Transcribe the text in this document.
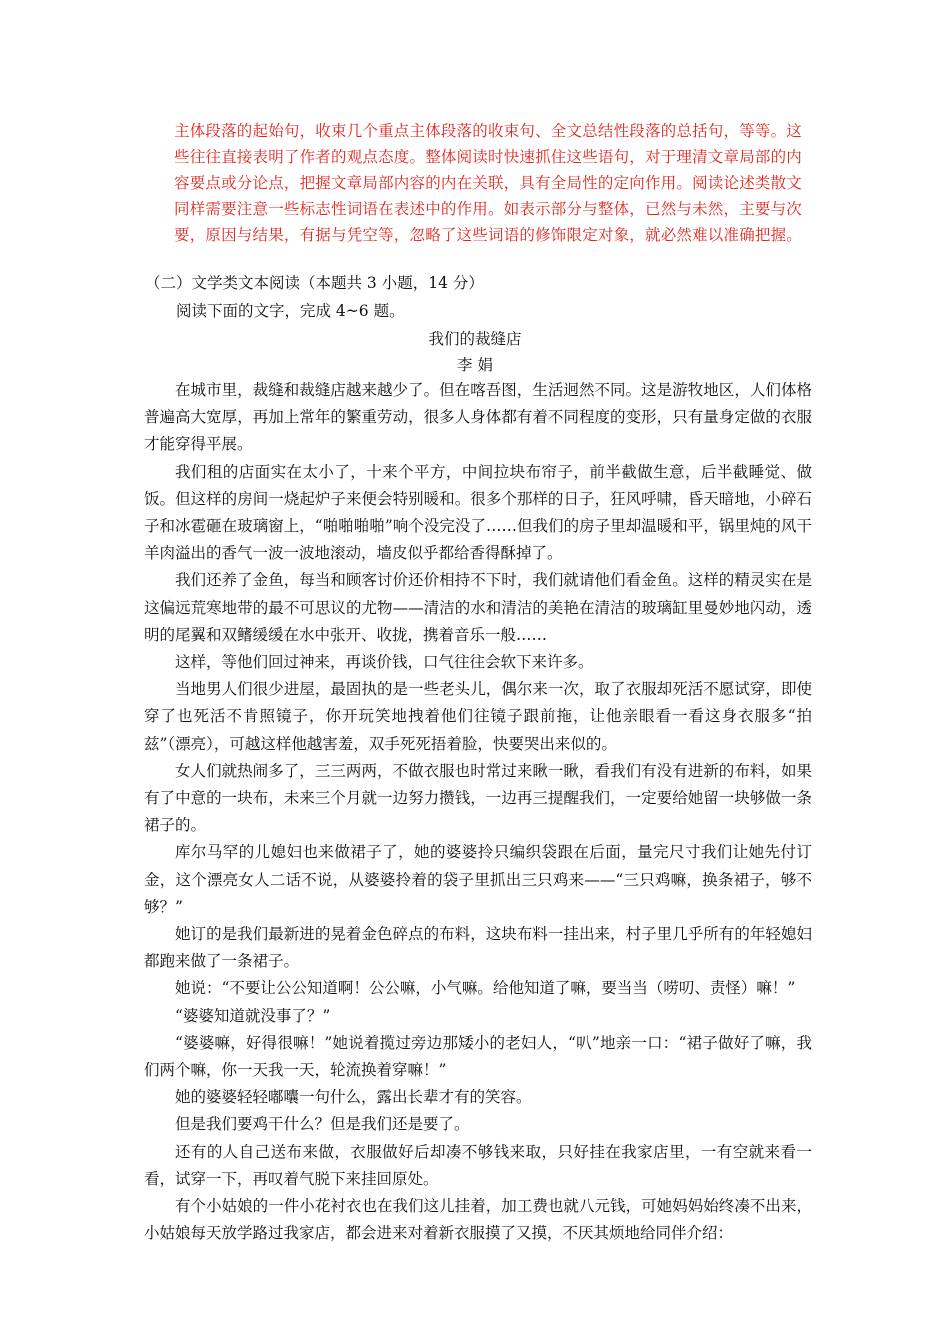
主体段落的起始句，收束几个重点主体段落的收束句、全文总结性段落的总括句，等等。这些往往直接表明了作者的观点态度。整体阅读时快速抓住这些语句，对于理清文章局部的内容要点或分论点，把握文章局部内容的内在关联，具有全局性的定向作用。阅读论述类散文同样需要注意一些标志性词语在表述中的作用。如表示部分与整体，已然与未然，主要与次要，原因与结果，有据与凭空等，忽略了这些词语的修饰限定对象，就必然难以准确把握。

（二）文学类文本阅读（本题共 3 小题，14 分）

阅读下面的文字，完成 4~6 题。

我们的裁缝店

李 娟

在城市里，裁缝和裁缝店越来越少了。但在喀吾图，生活迥然不同。这是游牧地区，人们体格普遍高大宽厚，再加上常年的繁重劳动，很多人身体都有着不同程度的变形，只有量身定做的衣服才能穿得平展。

我们租的店面实在太小了，十来个平方，中间拉块布帘子，前半截做生意，后半截睡觉、做饭。但这样的房间一烧起炉子来便会特别暖和。很多个那样的日子，狂风呼啸，昏天暗地，小碎石子和冰雹砸在玻璃窗上，“啪啪啪啪”响个没完没了……但我们的房子里却温暖和平，锅里炖的风干羊肉溢出的香气一波一波地滚动，墙皮似乎都给香得酥掉了。

我们还养了金鱼，每当和顾客讨价还价相持不下时，我们就请他们看金鱼。这样的精灵实在是这偏远荒寒地带的最不可思议的尤物——清洁的水和清洁的美艳在清洁的玻璃缸里曼妙地闪动，透明的尾翼和双鳍缓缓在水中张开、收拢，携着音乐一般……

这样，等他们回过神来，再谈价钱，口气往往会软下来许多。

当地男人们很少进屋，最固执的是一些老头儿，偶尔来一次，取了衣服却死活不愿试穿，即使穿了也死活不肯照镜子，你开玩笑地拽着他们往镜子跟前拖，让他亲眼看一看这身衣服多“拍兹”（漂亮），可越这样他越害羞，双手死死捂着脸，快要哭出来似的。

女人们就热闹多了，三三两两，不做衣服也时常过来瞅一瞅，看我们有没有进新的布料，如果有了中意的一块布，未来三个月就一边努力攒钱，一边再三提醒我们，一定要给她留一块够做一条裙子的。

库尔马罕的儿媳妇也来做裙子了，她的婆婆拎只编织袋跟在后面，量完尺寸我们让她先付订金，这个漂亮女人二话不说，从婆婆拎着的袋子里抓出三只鸡来——“三只鸡嘛，换条裙子，够不够？”

她订的是我们最新进的晃着金色碎点的布料，这块布料一挂出来，村子里几乎所有的年轻媳妇都跑来做了一条裙子。

她说：“不要让公公知道啊！公公嘛，小气嘛。给他知道了嘛，要当当（唠叨、责怪）嘛！”

“婆婆知道就没事了？”

“婆婆嘛，好得很嘛！”她说着揽过旁边那矮小的老妇人，“叭”地亲一口：“裙子做好了嘛，我们两个嘛，你一天我一天，轮流换着穿嘛！”

她的婆婆轻轻嘟囔一句什么，露出长辈才有的笑容。

但是我们要鸡干什么？但是我们还是要了。

还有的人自己送布来做，衣服做好后却凑不够钱来取，只好挂在我家店里，一有空就来看一看，试穿一下，再叹着气脱下来挂回原处。

有个小姑娘的一件小花衬衣也在我们这儿挂着，加工费也就八元钱，可她妈妈始终凑不出来，小姑娘每天放学路过我家店，都会进来对着新衣服摸了又摸，不厌其烦地给同伴介绍：
